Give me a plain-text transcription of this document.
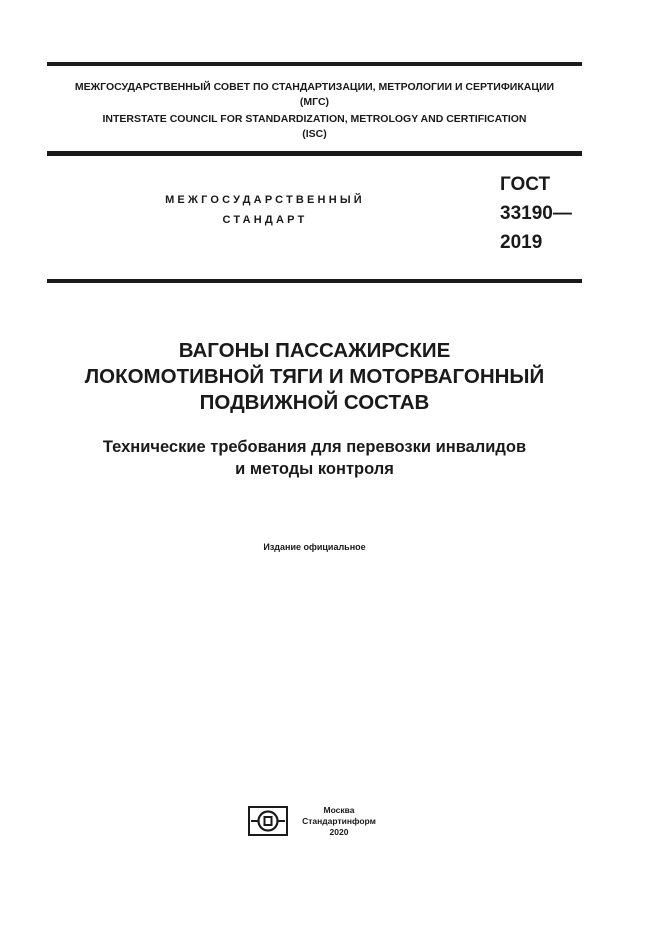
МЕЖГОСУДАРСТВЕННЫЙ СОВЕТ ПО СТАНДАРТИЗАЦИИ, МЕТРОЛОГИИ И СЕРТИФИКАЦИИ
(МГС)
INTERSTATE COUNCIL FOR STANDARDIZATION, METROLOGY AND CERTIFICATION
(ISC)
МЕЖГОСУДАРСТВЕННЫЙ
СТАНДАРТ
ГОСТ
33190—
2019
ВАГОНЫ ПАССАЖИРСКИЕ
ЛОКОМОТИВНОЙ ТЯГИ И МОТОРВАГОННЫЙ
ПОДВИЖНОЙ СОСТАВ
Технические требования для перевозки инвалидов
и методы контроля
Издание официальное
Москва
Стандартинформ
2020
